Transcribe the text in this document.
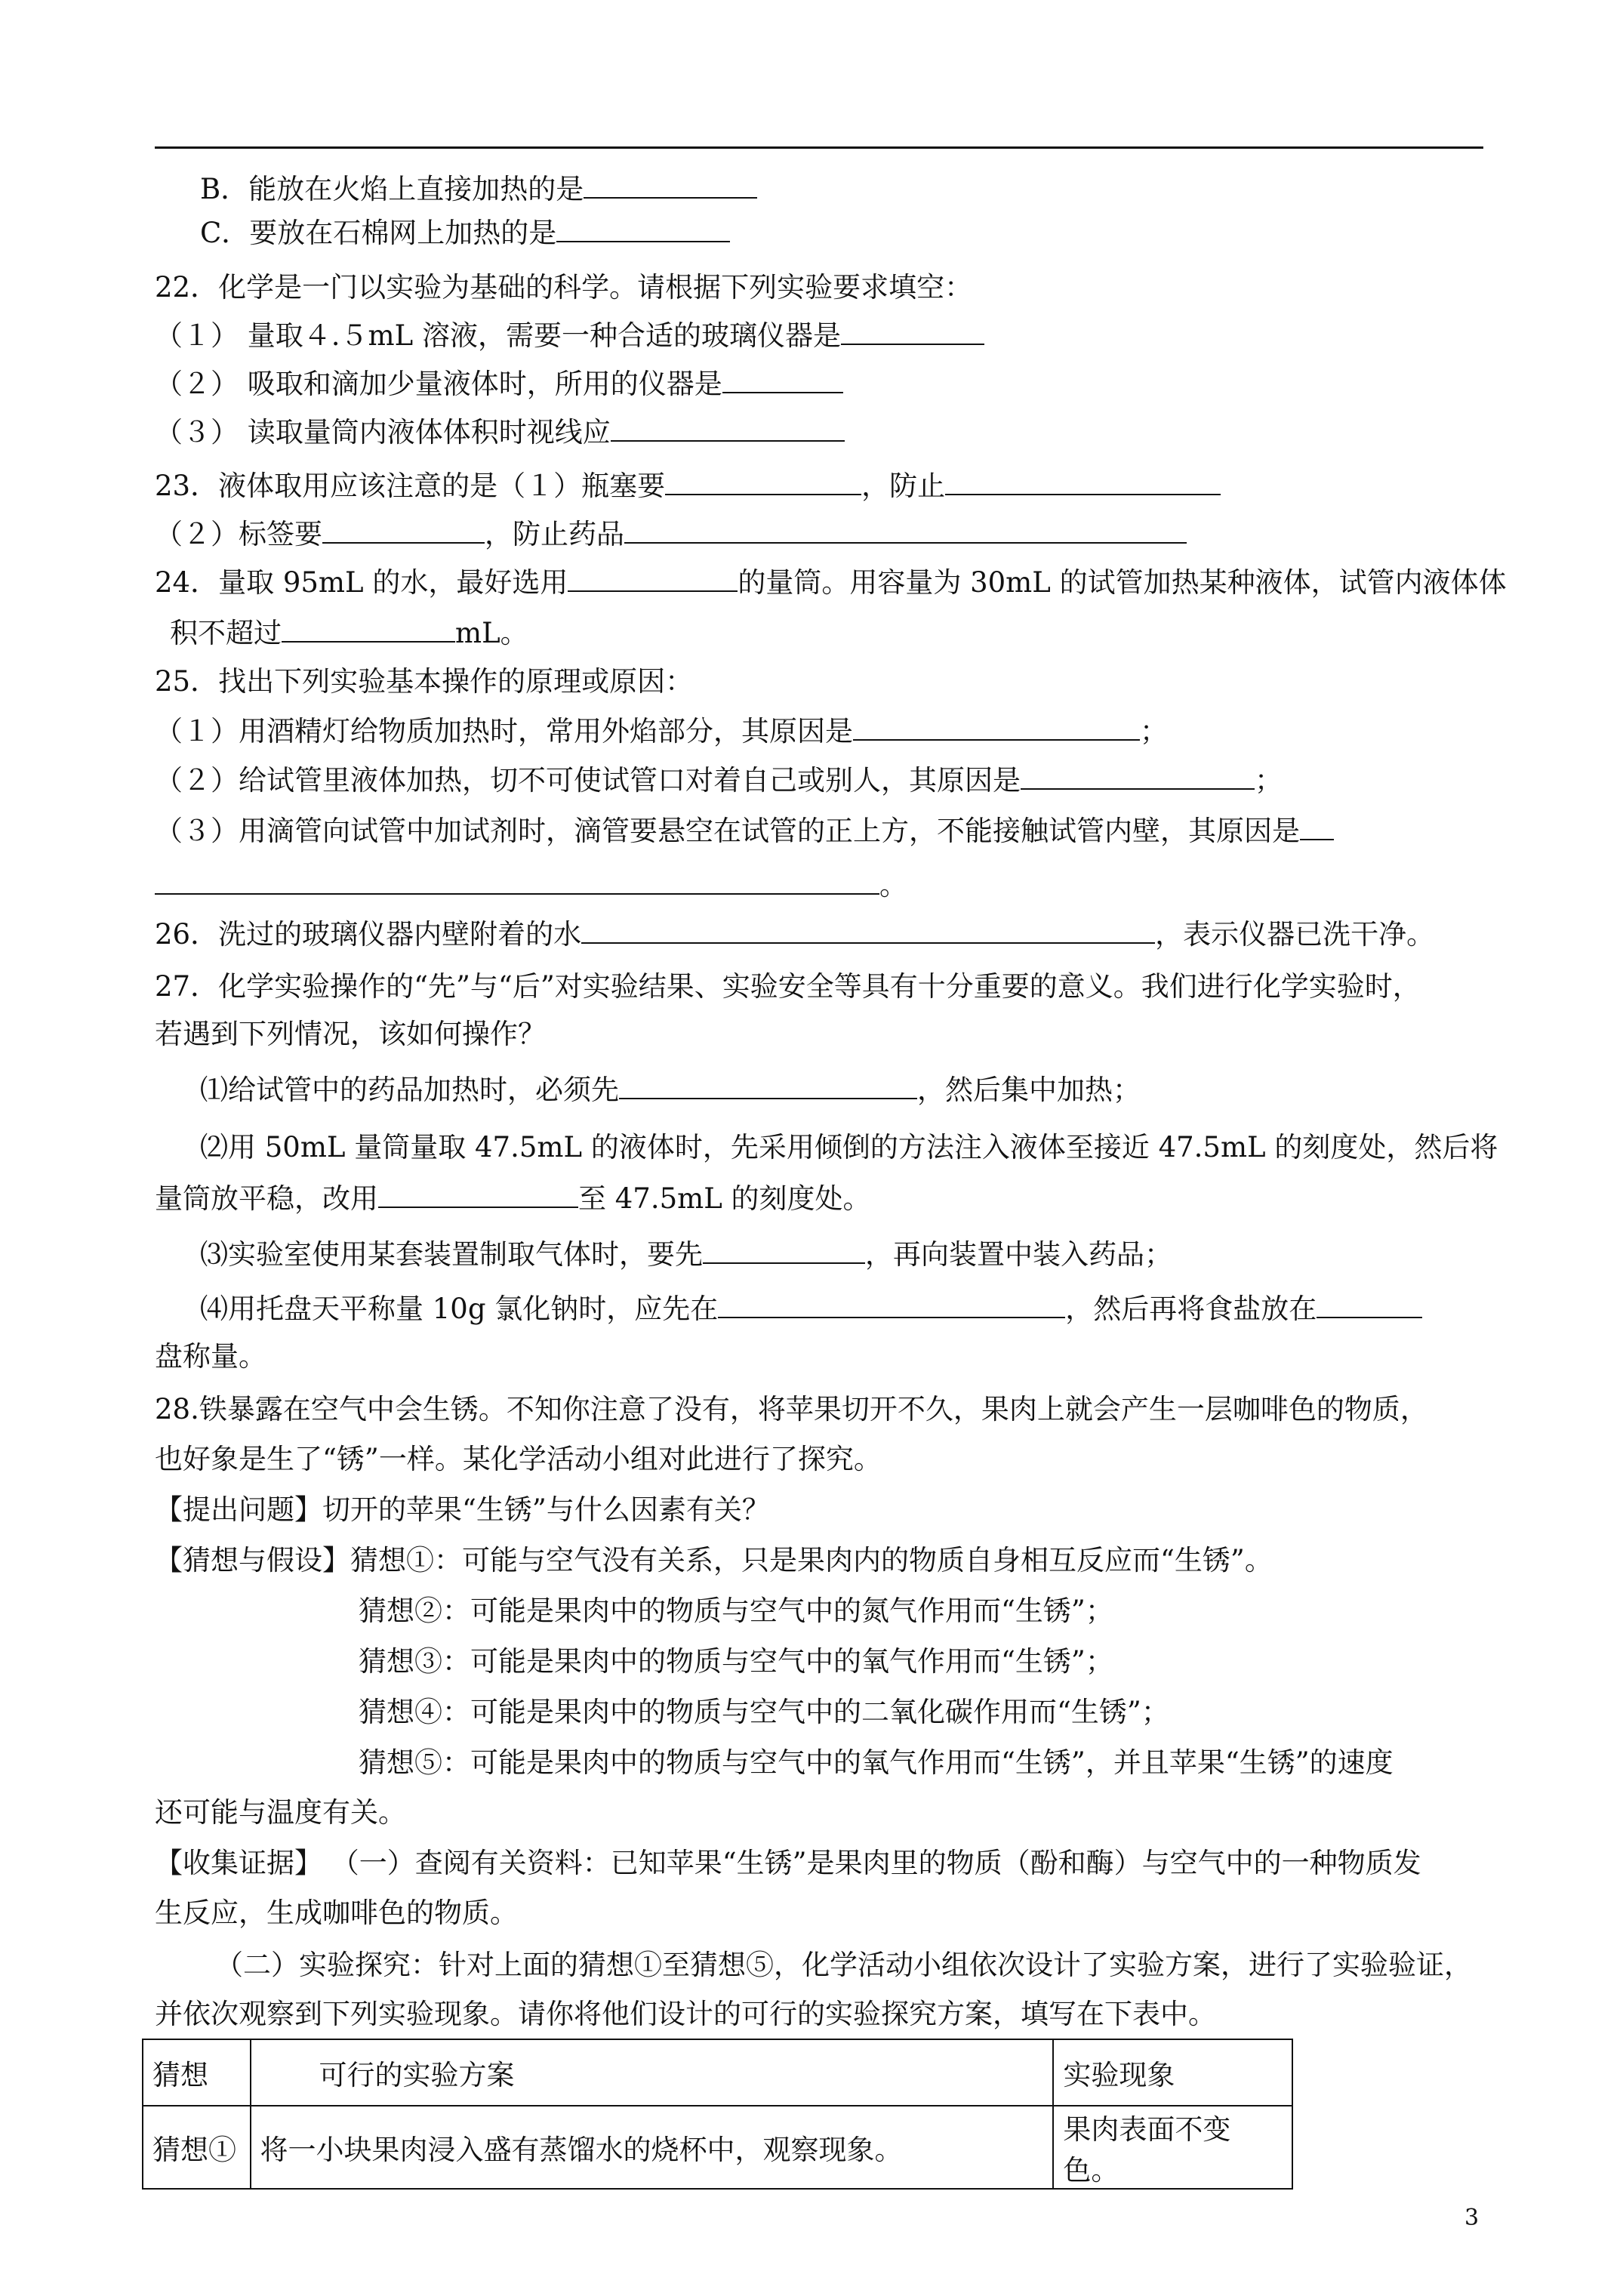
B．能放在火焰上直接加热的是
C．要放在石棉网上加热的是
22．化学是一门以实验为基础的科学。请根据下列实验要求填空：
（１） 量取４.５mL 溶液，需要一种合适的玻璃仪器是
（２） 吸取和滴加少量液体时，所用的仪器是
（３） 读取量筒内液体体积时视线应
23．液体取用应该注意的是（１）瓶塞要	，防止
（２）标签要	，防止药品
24．量取 95mL 的水，最好选用	的量筒。用容量为 30mL 的试管加热某种液体，试管内液体体
积不超过	mL。
25．找出下列实验基本操作的原理或原因：
（１）用酒精灯给物质加热时，常用外焰部分，其原因是	；
（２）给试管里液体加热，切不可使试管口对着自己或别人，其原因是	；
（３）用滴管向试管中加试剂时，滴管要悬空在试管的正上方，不能接触试管内壁，其原因是
。
26．洗过的玻璃仪器内壁附着的水	，表示仪器已洗干净。
27．化学实验操作的“先”与“后”对实验结果、实验安全等具有十分重要的意义。我们进行化学实验时，
若遇到下列情况，该如何操作？
⑴给试管中的药品加热时，必须先	，然后集中加热；
⑵用 50mL 量筒量取 47.5mL 的液体时，先采用倾倒的方法注入液体至接近 47.5mL 的刻度处，然后将
量筒放平稳，改用	至 47.5mL 的刻度处。
⑶实验室使用某套装置制取气体时，要先	，再向装置中装入药品；
⑷用托盘天平称量 10g 氯化钠时，应先在	，然后再将食盐放在
盘称量。
28.铁暴露在空气中会生锈。不知你注意了没有，将苹果切开不久，果肉上就会产生一层咖啡色的物质，
也好象是生了“锈”一样。某化学活动小组对此进行了探究。
【提出问题】切开的苹果“生锈”与什么因素有关？
【猜想与假设】猜想①：可能与空气没有关系，只是果肉内的物质自身相互反应而“生锈”。
猜想②：可能是果肉中的物质与空气中的氮气作用而“生锈”；
猜想③：可能是果肉中的物质与空气中的氧气作用而“生锈”；
猜想④：可能是果肉中的物质与空气中的二氧化碳作用而“生锈”；
猜想⑤：可能是果肉中的物质与空气中的氧气作用而“生锈”，并且苹果“生锈”的速度
还可能与温度有关。
【收集证据】 （一）查阅有关资料：已知苹果“生锈”是果肉里的物质（酚和酶）与空气中的一种物质发
生反应，生成咖啡色的物质。
（二）实验探究：针对上面的猜想①至猜想⑤，化学活动小组依次设计了实验方案，进行了实验验证，
并依次观察到下列实验现象。请你将他们设计的可行的实验探究方案，填写在下表中。
猜想	可行的实验方案	实验现象
猜想①	将一小块果肉浸入盛有蒸馏水的烧杯中，观察现象。	果肉表面不变色。
3
